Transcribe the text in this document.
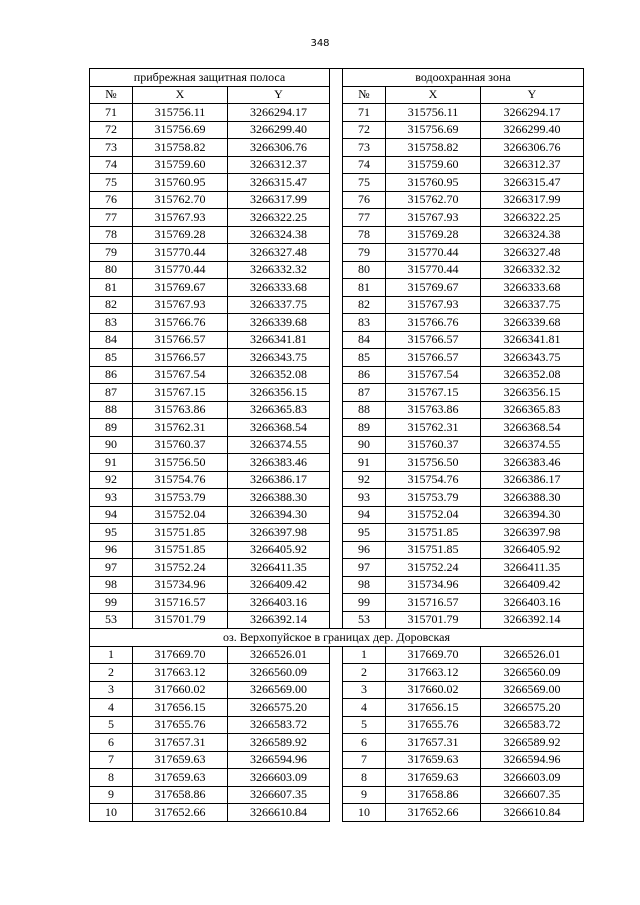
348
прибрежная защитная полоса				водоохранная зона		
№	X	Y		№	X	Y
71	315756.11	3266294.17		71	315756.11	3266294.17
72	315756.69	3266299.40		72	315756.69	3266299.40
73	315758.82	3266306.76		73	315758.82	3266306.76
74	315759.60	3266312.37		74	315759.60	3266312.37
75	315760.95	3266315.47		75	315760.95	3266315.47
76	315762.70	3266317.99		76	315762.70	3266317.99
77	315767.93	3266322.25		77	315767.93	3266322.25
78	315769.28	3266324.38		78	315769.28	3266324.38
79	315770.44	3266327.48		79	315770.44	3266327.48
80	315770.44	3266332.32		80	315770.44	3266332.32
81	315769.67	3266333.68		81	315769.67	3266333.68
82	315767.93	3266337.75		82	315767.93	3266337.75
83	315766.76	3266339.68		83	315766.76	3266339.68
84	315766.57	3266341.81		84	315766.57	3266341.81
85	315766.57	3266343.75		85	315766.57	3266343.75
86	315767.54	3266352.08		86	315767.54	3266352.08
87	315767.15	3266356.15		87	315767.15	3266356.15
88	315763.86	3266365.83		88	315763.86	3266365.83
89	315762.31	3266368.54		89	315762.31	3266368.54
90	315760.37	3266374.55		90	315760.37	3266374.55
91	315756.50	3266383.46		91	315756.50	3266383.46
92	315754.76	3266386.17		92	315754.76	3266386.17
93	315753.79	3266388.30		93	315753.79	3266388.30
94	315752.04	3266394.30		94	315752.04	3266394.30
95	315751.85	3266397.98		95	315751.85	3266397.98
96	315751.85	3266405.92		96	315751.85	3266405.92
97	315752.24	3266411.35		97	315752.24	3266411.35
98	315734.96	3266409.42		98	315734.96	3266409.42
99	315716.57	3266403.16		99	315716.57	3266403.16
53	315701.79	3266392.14		53	315701.79	3266392.14
оз. Верхопуйское в границах дер. Доровская						
1	317669.70	3266526.01		1	317669.70	3266526.01
2	317663.12	3266560.09		2	317663.12	3266560.09
3	317660.02	3266569.00		3	317660.02	3266569.00
4	317656.15	3266575.20		4	317656.15	3266575.20
5	317655.76	3266583.72		5	317655.76	3266583.72
6	317657.31	3266589.92		6	317657.31	3266589.92
7	317659.63	3266594.96		7	317659.63	3266594.96
8	317659.63	3266603.09		8	317659.63	3266603.09
9	317658.86	3266607.35		9	317658.86	3266607.35
10	317652.66	3266610.84		10	317652.66	3266610.84
